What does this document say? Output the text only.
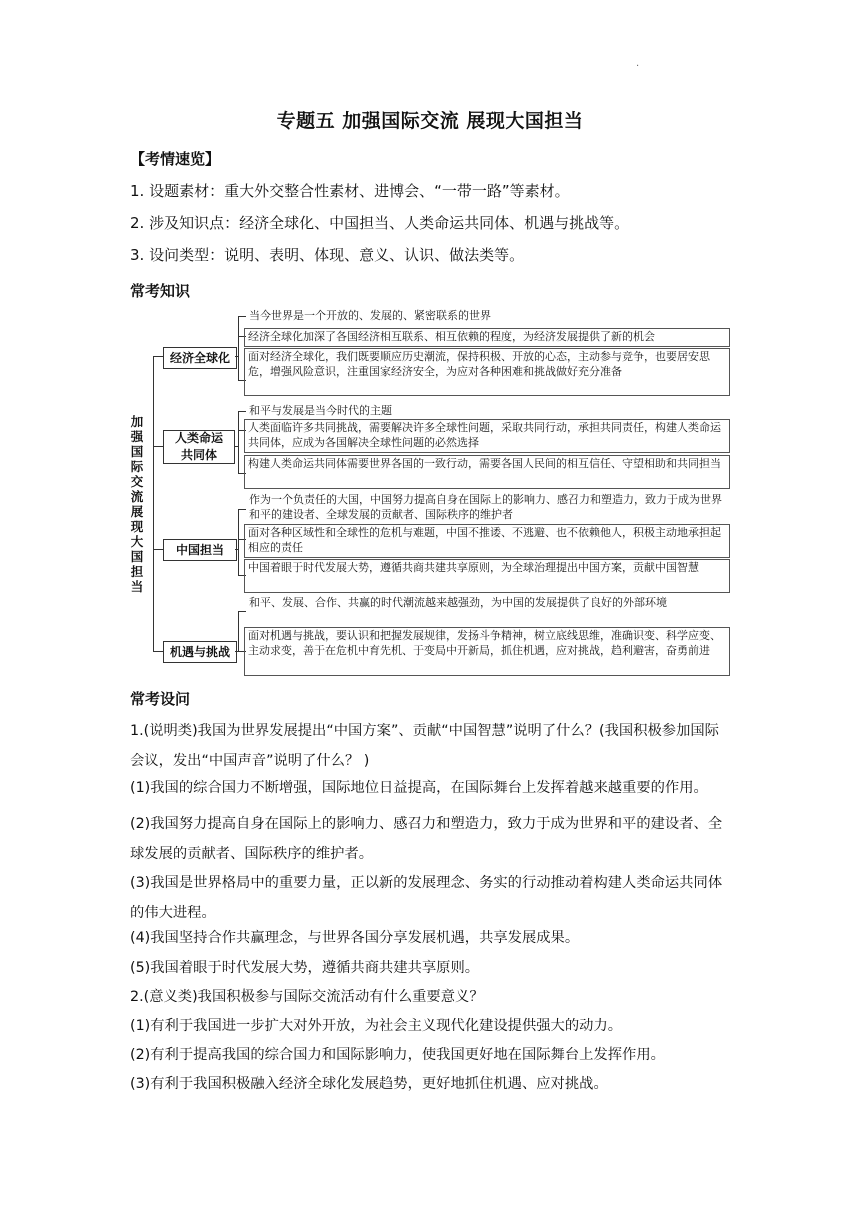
.
专题五 加强国际交流 展现大国担当
【考情速览】
1. 设题素材：重大外交整合性素材、进博会、“一带一路”等素材。
2. 涉及知识点：经济全球化、中国担当、人类命运共同体、机遇与挑战等。
3. 设问类型：说明、表明、体现、意义、认识、做法类等。
常考知识
加强国际交流展现大国担当
经济全球化
人类命运共同体
中国担当
机遇与挑战
当今世界是一个开放的、发展的、紧密联系的世界
经济全球化加深了各国经济相互联系、相互依赖的程度，为经济发展提供了新的机会
面对经济全球化，我们既要顺应历史潮流，保持积极、开放的心态，主动参与竞争，也要居安思危，增强风险意识，注重国家经济安全，为应对各种困难和挑战做好充分准备
和平与发展是当今时代的主题
人类面临许多共同挑战，需要解决许多全球性问题，采取共同行动，承担共同责任，构建人类命运共同体，应成为各国解决全球性问题的必然选择
构建人类命运共同体需要世界各国的一致行动，需要各国人民间的相互信任、守望相助和共同担当
作为一个负责任的大国，中国努力提高自身在国际上的影响力、感召力和塑造力，致力于成为世界和平的建设者、全球发展的贡献者、国际秩序的维护者
面对各种区域性和全球性的危机与难题，中国不推诿、不逃避、也不依赖他人，积极主动地承担起相应的责任
中国着眼于时代发展大势，遵循共商共建共享原则，为全球治理提出中国方案，贡献中国智慧
和平、发展、合作、共赢的时代潮流越来越强劲，为中国的发展提供了良好的外部环境
面对机遇与挑战，要认识和把握发展规律，发扬斗争精神，树立底线思维，准确识变、科学应变、主动求变，善于在危机中育先机、于变局中开新局，抓住机遇，应对挑战，趋利避害，奋勇前进
常考设问
1.(说明类)我国为世界发展提出“中国方案”、贡献“中国智慧”说明了什么？(我国积极参加国际会议，发出“中国声音”说明了什么？ )
(1)我国的综合国力不断增强，国际地位日益提高，在国际舞台上发挥着越来越重要的作用。
(2)我国努力提高自身在国际上的影响力、感召力和塑造力，致力于成为世界和平的建设者、全球发展的贡献者、国际秩序的维护者。
(3)我国是世界格局中的重要力量，正以新的发展理念、务实的行动推动着构建人类命运共同体的伟大进程。
(4)我国坚持合作共赢理念，与世界各国分享发展机遇，共享发展成果。
(5)我国着眼于时代发展大势，遵循共商共建共享原则。
2.(意义类)我国积极参与国际交流活动有什么重要意义？
(1)有利于我国进一步扩大对外开放，为社会主义现代化建设提供强大的动力。
(2)有利于提高我国的综合国力和国际影响力，使我国更好地在国际舞台上发挥作用。
(3)有利于我国积极融入经济全球化发展趋势，更好地抓住机遇、应对挑战。
